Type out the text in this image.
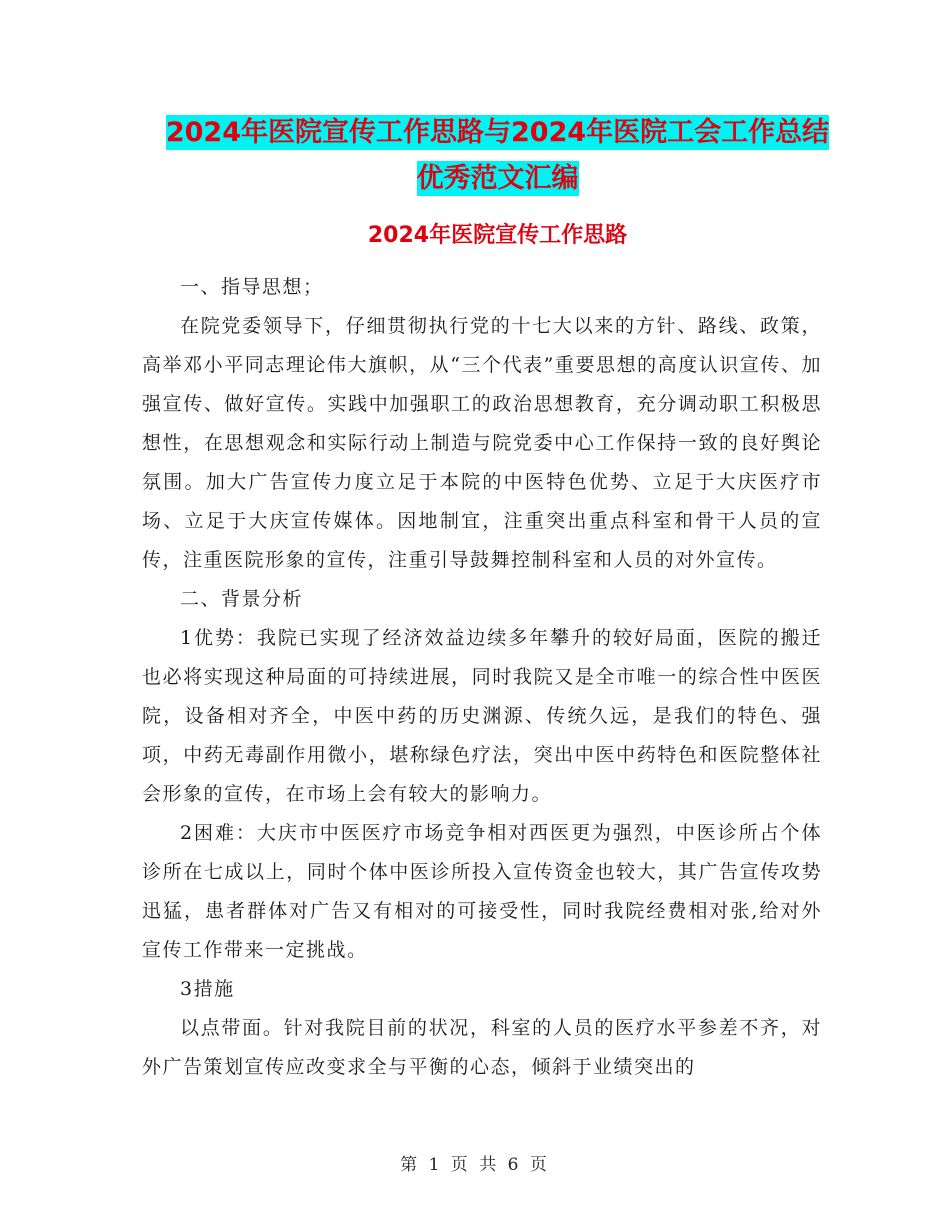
2024年医院宣传工作思路与2024年医院工会工作总结
优秀范文汇编
2024年医院宣传工作思路

一、指导思想；

在院党委领导下，仔细贯彻执行党的十七大以来的方针、路线、政策，高举邓小平同志理论伟大旗帜，从“三个代表”重要思想的高度认识宣传、加强宣传、做好宣传。实践中加强职工的政治思想教育，充分调动职工积极思想性，在思想观念和实际行动上制造与院党委中心工作保持一致的良好舆论氛围。加大广告宣传力度立足于本院的中医特色优势、立足于大庆医疗市场、立足于大庆宣传媒体。因地制宜，注重突出重点科室和骨干人员的宣传，注重医院形象的宣传，注重引导鼓舞控制科室和人员的对外宣传。

二、背景分析

1优势：我院已实现了经济效益边续多年攀升的较好局面，医院的搬迁也必将实现这种局面的可持续进展，同时我院又是全市唯一的综合性中医医院，设备相对齐全，中医中药的历史渊源、传统久远，是我们的特色、强项，中药无毒副作用微小，堪称绿色疗法，突出中医中药特色和医院整体社会形象的宣传，在市场上会有较大的影响力。

2困难：大庆市中医医疗市场竞争相对西医更为强烈，中医诊所占个体诊所在七成以上，同时个体中医诊所投入宣传资金也较大，其广告宣传攻势迅猛，患者群体对广告又有相对的可接受性，同时我院经费相对张,给对外宣传工作带来一定挑战。

3措施

以点带面。针对我院目前的状况，科室的人员的医疗水平参差不齐，对外广告策划宣传应改变求全与平衡的心态，倾斜于业绩突出的

第 1 页 共 6 页
